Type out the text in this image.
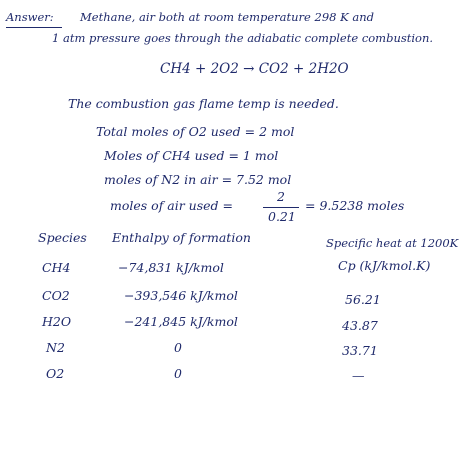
Answer: Methane, air both at room temperature 298 K and
1 atm pressure goes through the adiabatic complete combustion.
CH4 + 2O2 → CO2 + 2H2O
The combustion gas flame temp is needed.
Total moles of O2 used = 2 mol
Moles of CH4 used = 1 mol
moles of N2 in air = 7.52 mol
moles of air used =
2
0.21
= 9.5238 moles
Species Enthalpy of formation	Specific heat at 1200K
Cp (kJ/kmol.K)
CH4
CO2
H2O
N2
O2
−74,831 kJ/kmol
−393,546 kJ/kmol
−241,845 kJ/kmol
0
0
56.21
43.87
33.71
—
